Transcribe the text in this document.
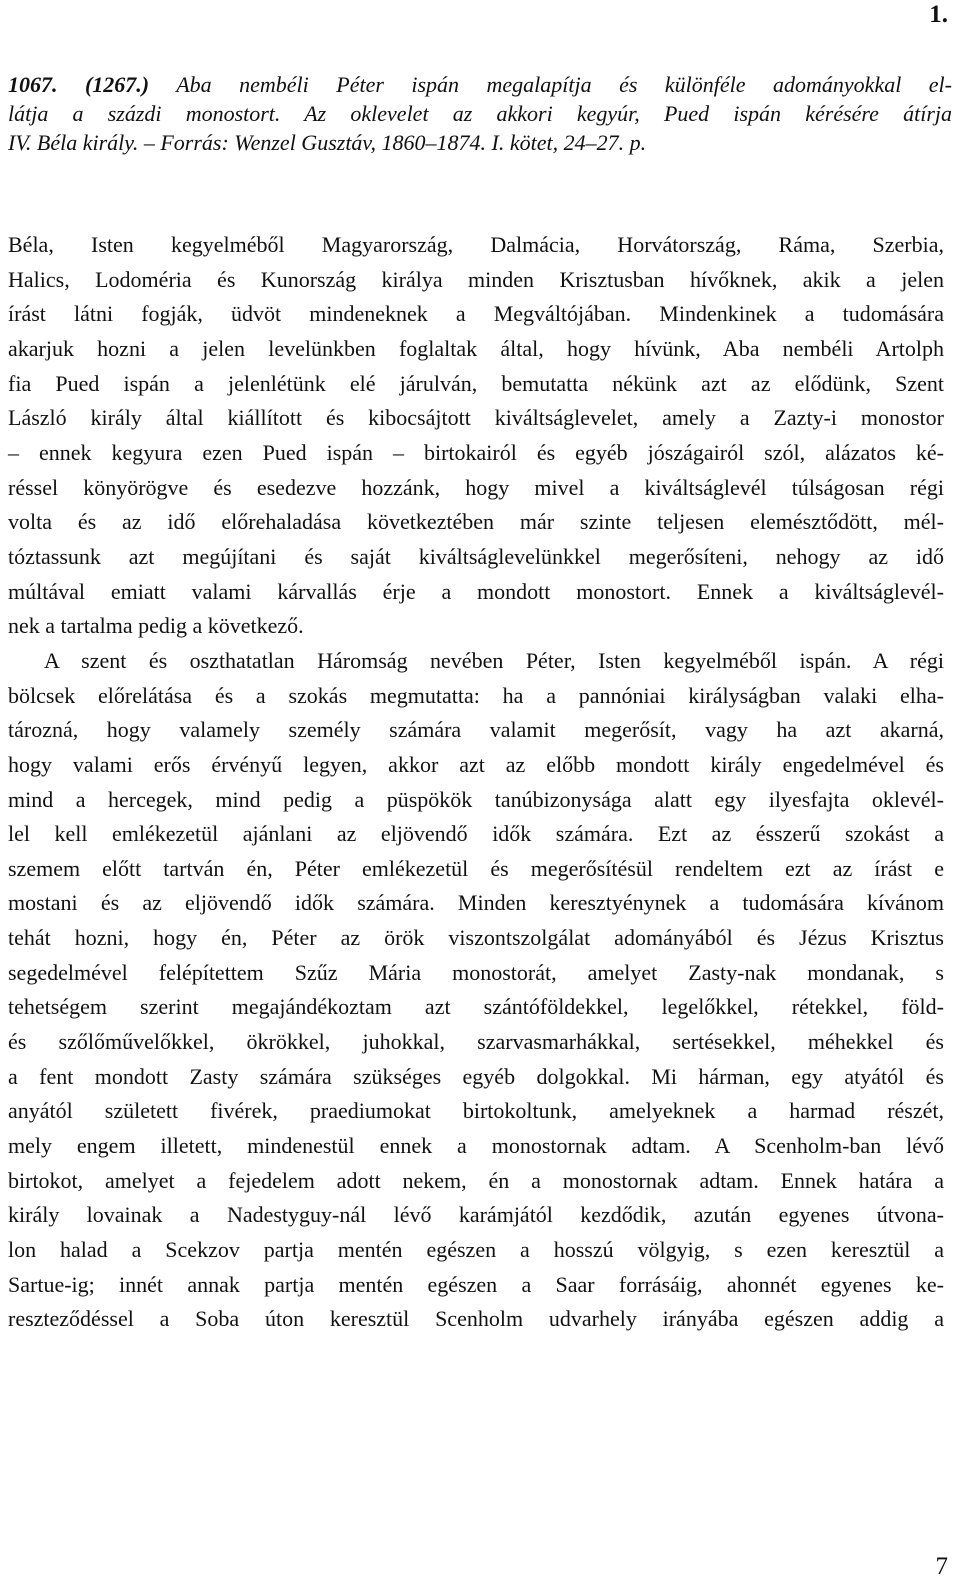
1.
1067. (1267.) Aba nembéli Péter ispán megalapítja és különféle adományokkal el-
látja a százdi monostort. Az oklevelet az akkori kegyúr, Pued ispán kérésére átírja
IV. Béla király. – Forrás: Wenzel Gusztáv, 1860–1874. I. kötet, 24–27. p.
Béla, Isten kegyelméből Magyarország, Dalmácia, Horvátország, Ráma, Szerbia,
Halics, Lodoméria és Kunország királya minden Krisztusban hívőknek, akik a jelen
írást látni fogják, üdvöt mindeneknek a Megváltójában. Mindenkinek a tudomására
akarjuk hozni a jelen levelünkben foglaltak által, hogy hívünk, Aba nembéli Artolph
fia Pued ispán a jelenlétünk elé járulván, bemutatta nékünk azt az elődünk, Szent
László király által kiállított és kibocsájtott kiváltságlevelet, amely a Zazty-i monostor
– ennek kegyura ezen Pued ispán – birtokairól és egyéb jószágairól szól, alázatos ké-
réssel könyörögve és esedezve hozzánk, hogy mivel a kiváltságlevél túlságosan régi
volta és az idő előrehaladása következtében már szinte teljesen elemésztődött, mél-
tóztassunk azt megújítani és saját kiváltságlevelünkkel megerősíteni, nehogy az idő
múltával emiatt valami kárvallás érje a mondott monostort. Ennek a kiváltságlevél-
nek a tartalma pedig a következő.
A szent és oszthatatlan Háromság nevében Péter, Isten kegyelméből ispán. A régi
bölcsek előrelátása és a szokás megmutatta: ha a pannóniai királyságban valaki elha-
tározná, hogy valamely személy számára valamit megerősít, vagy ha azt akarná,
hogy valami erős érvényű legyen, akkor azt az előbb mondott király engedelmével és
mind a hercegek, mind pedig a püspökök tanúbizonysága alatt egy ilyesfajta oklevél-
lel kell emlékezetül ajánlani az eljövendő idők számára. Ezt az ésszerű szokást a
szemem előtt tartván én, Péter emlékezetül és megerősítésül rendeltem ezt az írást e
mostani és az eljövendő idők számára. Minden keresztyénynek a tudomására kívánom
tehát hozni, hogy én, Péter az örök viszontszolgálat adományából és Jézus Krisztus
segedelmével felépítettem Szűz Mária monostorát, amelyet Zasty-nak mondanak, s
tehetségem szerint megajándékoztam azt szántóföldekkel, legelőkkel, rétekkel, föld-
és szőlőművelőkkel, ökrökkel, juhokkal, szarvasmarhákkal, sertésekkel, méhekkel és
a fent mondott Zasty számára szükséges egyéb dolgokkal. Mi hárman, egy atyától és
anyától született fivérek, praediumokat birtokoltunk, amelyeknek a harmad részét,
mely engem illetett, mindenestül ennek a monostornak adtam. A Scenholm-ban lévő
birtokot, amelyet a fejedelem adott nekem, én a monostornak adtam. Ennek határa a
király lovainak a Nadestyguy-nál lévő karámjától kezdődik, azután egyenes útvona-
lon halad a Scekzov partja mentén egészen a hosszú völgyig, s ezen keresztül a
Sartue-ig; innét annak partja mentén egészen a Saar forrásáig, ahonnét egyenes ke-
reszteződéssel a Soba úton keresztül Scenholm udvarhely irányába egészen addig a
7
